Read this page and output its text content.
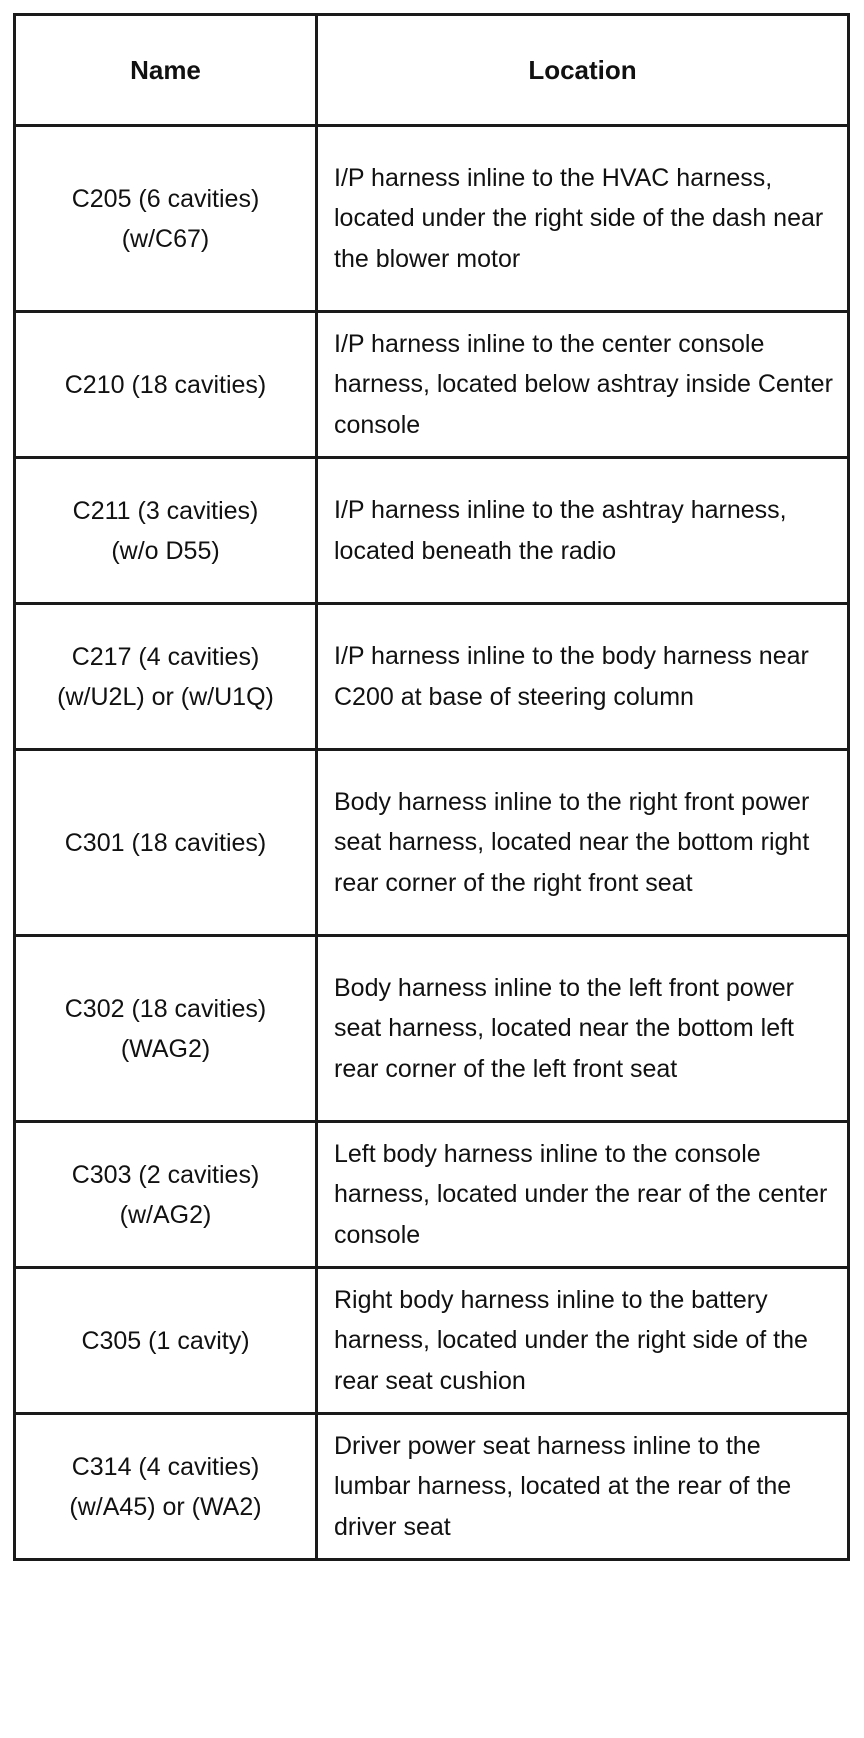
Name	Location

C205 (6 cavities)
(w/C67)	I/P harness inline to the HVAC harness, located under the right side of the dash near the blower motor

C210 (18 cavities)	I/P harness inline to the center console harness, located below ashtray inside Center console

C211 (3 cavities)
(w/o D55)	I/P harness inline to the ashtray harness, located beneath the radio

C217 (4 cavities)
(w/U2L) or (w/U1Q)	I/P harness inline to the body harness near C200 at base of steering column

C301 (18 cavities)	Body harness inline to the right front power seat harness, located near the bottom right rear corner of the right front seat

C302 (18 cavities)
(WAG2)	Body harness inline to the left front power seat harness, located near the bottom left rear corner of the left front seat

C303 (2 cavities)
(w/AG2)	Left body harness inline to the console harness, located under the rear of the center console

C305 (1 cavity)	Right body harness inline to the battery harness, located under the right side of the rear seat cushion

C314 (4 cavities)
(w/A45) or (WA2)	Driver power seat harness inline to the lumbar harness, located at the rear of the driver seat
